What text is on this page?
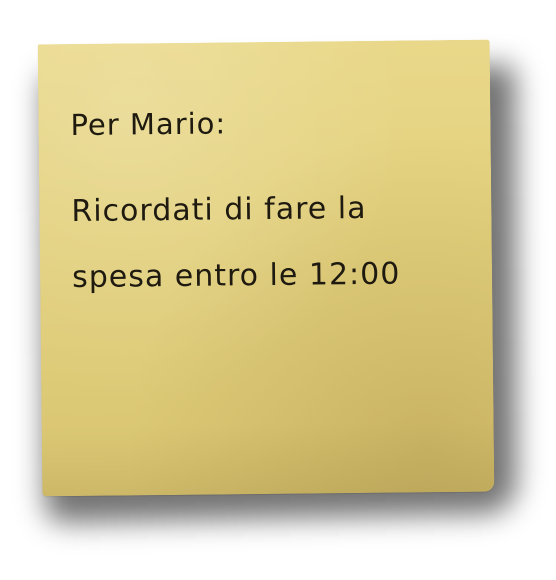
Per Mario:

Ricordati di fare la

spesa entro le 12:00
